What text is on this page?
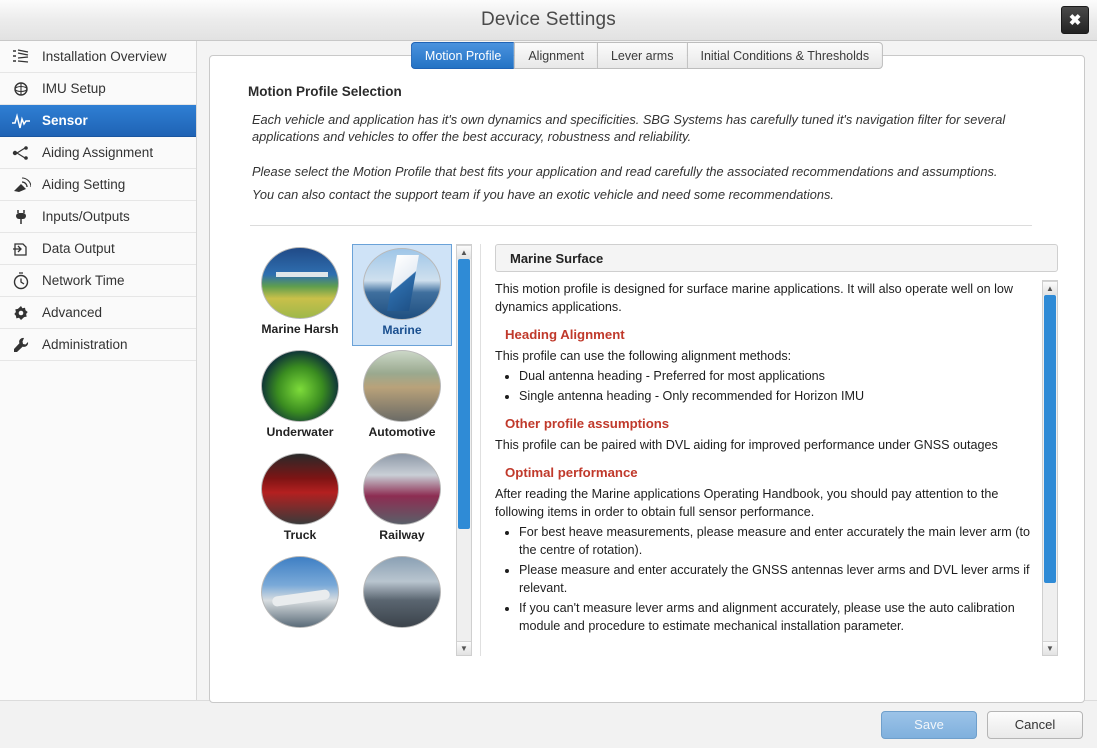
Device Settings	✖
Installation Overview
IMU Setup
Sensor
Aiding Assignment
Aiding Setting
Inputs/Outputs
Data Output
Network Time
Advanced
Administration
Motion Profile	Alignment	Lever arms	Initial Conditions & Thresholds
Motion Profile Selection

Each vehicle and application has it's own dynamics and specificities. SBG Systems has carefully tuned it's navigation filter for several applications and vehicles to offer the best accuracy, robustness and reliability.

Please select the Motion Profile that best fits your application and read carefully the associated recommendations and assumptions.

You can also contact the support team if you have an exotic vehicle and need some recommendations.

Marine Harsh	Marine
Underwater	Automotive
Truck	Railway
▲
▼
Marine Surface

This motion profile is designed for surface marine applications. It will also operate well on low dynamics applications.

Heading Alignment

This profile can use the following alignment methods:

• Dual antenna heading - Preferred for most applications
• Single antenna heading - Only recommended for Horizon IMU
Other profile assumptions

This profile can be paired with DVL aiding for improved performance under GNSS outages

Optimal performance

After reading the Marine applications Operating Handbook, you should pay attention to the following items in order to obtain full sensor performance.

• For best heave measurements, please measure and enter accurately the main lever arm (to the centre of rotation).
• Please measure and enter accurately the GNSS antennas lever arms and DVL lever arms if relevant.
• If you can't measure lever arms and alignment accurately, please use the auto calibration module and procedure to estimate mechanical installation parameter.
▲
▼
Save	Cancel
